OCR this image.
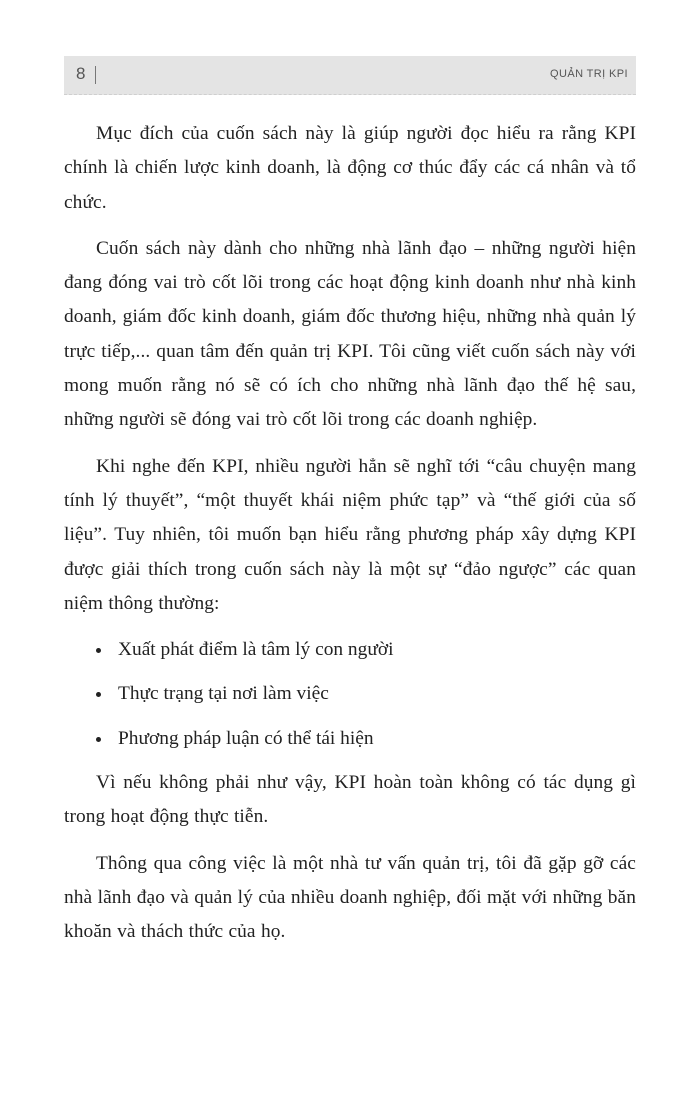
8	QUẢN TRỊ KPI

Mục đích của cuốn sách này là giúp người đọc hiểu ra rằng KPI chính là chiến lược kinh doanh, là động cơ thúc đẩy các cá nhân và tổ chức.

Cuốn sách này dành cho những nhà lãnh đạo – những người hiện đang đóng vai trò cốt lõi trong các hoạt động kinh doanh như nhà kinh doanh, giám đốc kinh doanh, giám đốc thương hiệu, những nhà quản lý trực tiếp,... quan tâm đến quản trị KPI. Tôi cũng viết cuốn sách này với mong muốn rằng nó sẽ có ích cho những nhà lãnh đạo thế hệ sau, những người sẽ đóng vai trò cốt lõi trong các doanh nghiệp.

Khi nghe đến KPI, nhiều người hẳn sẽ nghĩ tới “câu chuyện mang tính lý thuyết”, “một thuyết khái niệm phức tạp” và “thế giới của số liệu”. Tuy nhiên, tôi muốn bạn hiểu rằng phương pháp xây dựng KPI được giải thích trong cuốn sách này là một sự “đảo ngược” các quan niệm thông thường:

Xuất phát điểm là tâm lý con người
Thực trạng tại nơi làm việc
Phương pháp luận có thể tái hiện

Vì nếu không phải như vậy, KPI hoàn toàn không có tác dụng gì trong hoạt động thực tiễn.

Thông qua công việc là một nhà tư vấn quản trị, tôi đã gặp gỡ các nhà lãnh đạo và quản lý của nhiều doanh nghiệp, đối mặt với những băn khoăn và thách thức của họ.
